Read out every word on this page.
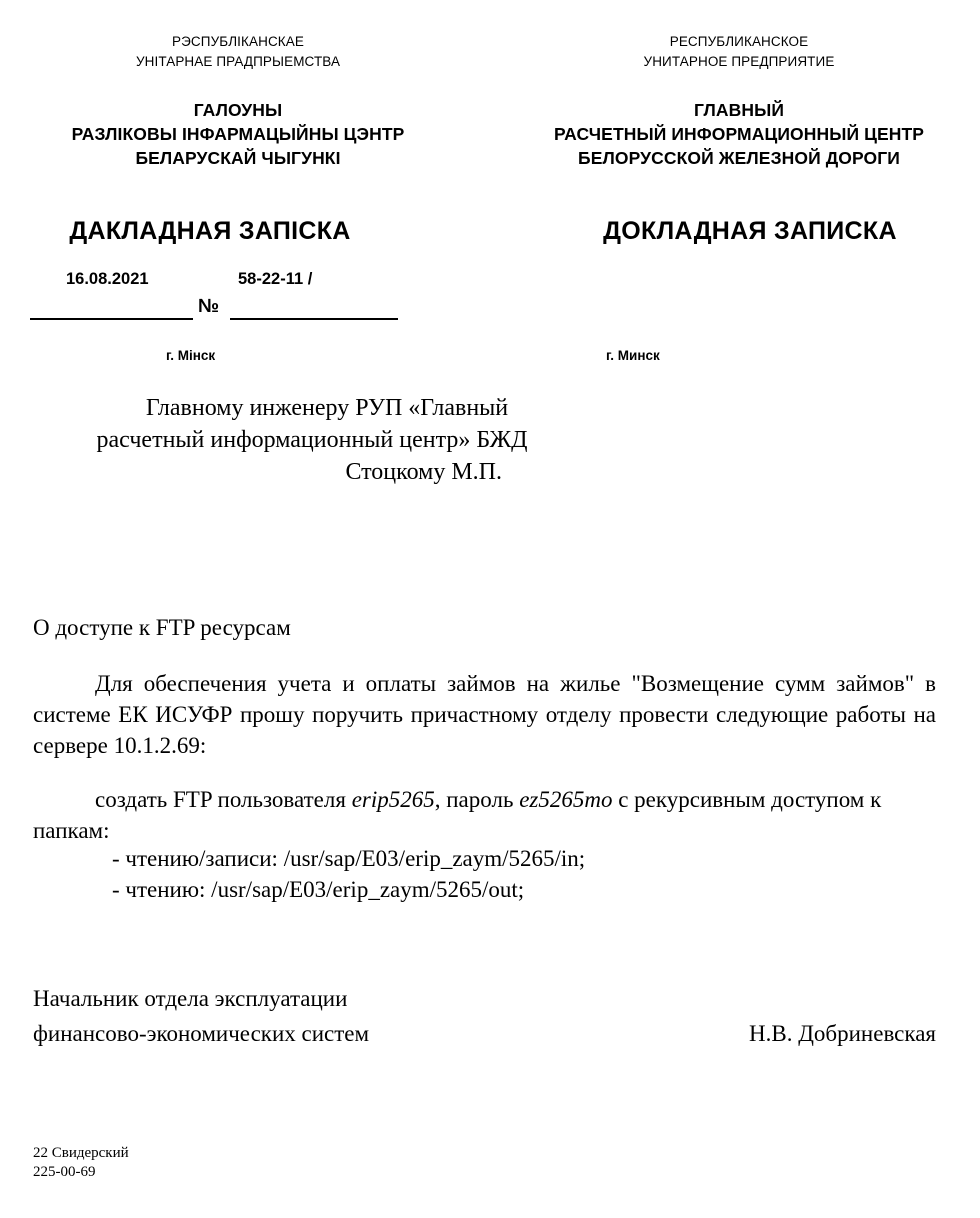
РЭСПУБЛІКАНСКАЕ
УНІТАРНАЕ ПРАДПРЫЕМСТВА
ГАЛОУНЫ
РАЗЛІКОВЫ ІНФАРМАЦЫЙНЫ ЦЭНТР
БЕЛАРУСКАЙ ЧЫГУНКІ
РЕСПУБЛИКАНСКОЕ
УНИТАРНОЕ ПРЕДПРИЯТИЕ
ГЛАВНЫЙ
РАСЧЕТНЫЙ ИНФОРМАЦИОННЫЙ ЦЕНТР
БЕЛОРУССКОЙ ЖЕЛЕЗНОЙ ДОРОГИ
ДАКЛАДНАЯ ЗАПІСКА	ДОКЛАДНАЯ ЗАПИСКА
16.08.2021	58-22-11 /
№
г. Мінск	г. Минск
Главному инженеру РУП «Главный
расчетный информационный центр» БЖД
Стоцкому М.П.
О доступе к FTP ресурсам
Для обеспечения учета и оплаты займов на жилье "Возмещение сумм займов" в системе ЕК ИСУФР прошу поручить причастному отделу провести следующие работы на сервере 10.1.2.69:
создать FTP пользователя erip5265, пароль ez5265mo с рекурсивным доступом к папкам:
- чтению/записи: /usr/sap/E03/erip_zaym/5265/in;
- чтению: /usr/sap/E03/erip_zaym/5265/out;
Начальник отдела эксплуатации
финансово-экономических систем	Н.В. Добриневская
22 Свидерский
225-00-69
